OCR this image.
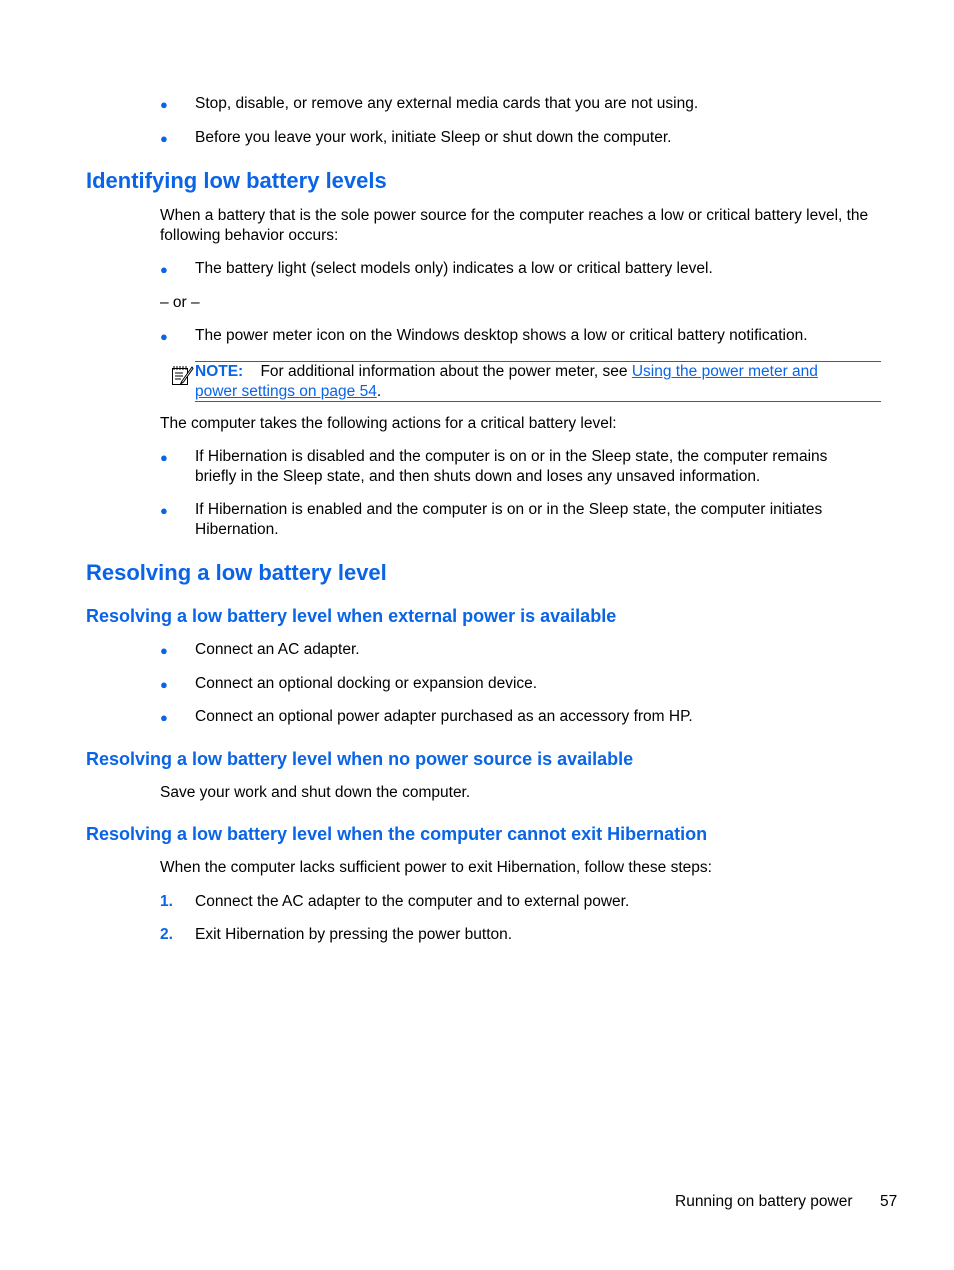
● Stop, disable, or remove any external media cards that you are not using.
● Before you leave your work, initiate Sleep or shut down the computer.
Identifying low battery levels
When a battery that is the sole power source for the computer reaches a low or critical battery level, the following behavior occurs:
● The battery light (select models only) indicates a low or critical battery level.
– or –
● The power meter icon on the Windows desktop shows a low or critical battery notification.
NOTE: For additional information about the power meter, see Using the power meter and
power settings on page 54.
The computer takes the following actions for a critical battery level:
● If Hibernation is disabled and the computer is on or in the Sleep state, the computer remains briefly in the Sleep state, and then shuts down and loses any unsaved information.
● If Hibernation is enabled and the computer is on or in the Sleep state, the computer initiates Hibernation.
Resolving a low battery level
Resolving a low battery level when external power is available
● Connect an AC adapter.
● Connect an optional docking or expansion device.
● Connect an optional power adapter purchased as an accessory from HP.
Resolving a low battery level when no power source is available
Save your work and shut down the computer.
Resolving a low battery level when the computer cannot exit Hibernation
When the computer lacks sufficient power to exit Hibernation, follow these steps:
1. Connect the AC adapter to the computer and to external power.
2. Exit Hibernation by pressing the power button.
Running on battery power 57
